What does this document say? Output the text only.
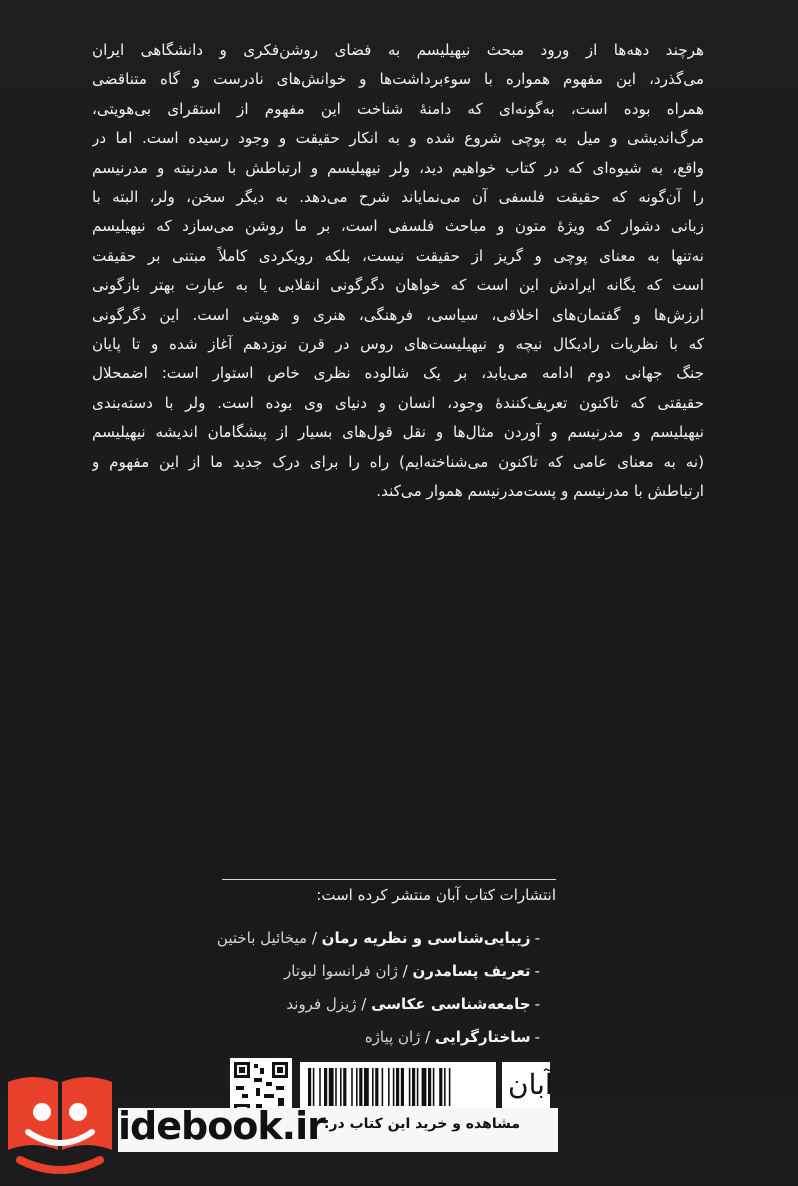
هرچند دهه‌ها از ورود مبحث نیهیلیسم به فضای روشن‌فکری و دانشگاهی ایران
می‌گذرد، این مفهوم همواره با سوءبرداشت‌ها و خوانش‌های نادرست و گاه متناقضی
همراه بوده است، به‌گونه‌ای که دامنهٔ شناخت این مفهوم از استقرای بی‌هویتی،
مرگ‌اندیشی و میل به پوچی شروع شده و به انکار حقیقت و وجود رسیده است. اما در
واقع، به شیوه‌ای که در کتاب خواهیم دید، ولر نیهیلیسم و ارتباطش با مدرنیته و مدرنیسم
را آن‌گونه که حقیقت فلسفی آن می‌نمایاند شرح می‌دهد. به دیگر سخن، ولر، البته با
زبانی دشوار که ویژهٔ متون و مباحث فلسفی است، بر ما روشن می‌سازد که نیهیلیسم
نه‌تنها به معنای پوچی و گریز از حقیقت نیست، بلکه رویکردی کاملاً مبتنی بر حقیقت
است که یگانه ایرادش این است که خواهان دگرگونی انقلابی یا به عبارت بهتر بازگونی
ارزش‌ها و گفتمان‌های اخلاقی، سیاسی، فرهنگی، هنری و هویتی است. این دگرگونی
که با نظریات رادیکال نیچه و نیهیلیست‌های روس در قرن نوزدهم آغاز شده و تا پایان
جنگ جهانی دوم ادامه می‌یابد، بر یک شالوده نظری خاص استوار است: اضمحلال
حقیقتی که تاکنون تعریف‌کنندهٔ وجود، انسان و دنیای وی بوده است. ولر با دسته‌بندی
نیهیلیسم و مدرنیسم و آوردن مثال‌ها و نقل قول‌های بسیار از پیشگامان اندیشه نیهیلیسم
(نه به معنای عامی که تاکنون می‌شناخته‌ایم) راه را برای درک جدید ما از این مفهوم و
ارتباطش با مدرنیسم و پست‌مدرنیسم هموار می‌کند.
انتشارات کتاب آبان منتشر کرده است:
-زیبایی‌شناسی و نظریه رمان / میخائیل باختین
-تعریف پسامدرن / ژان فرانسوا لیوتار
-جامعه‌شناسی عکاسی / ژیزل فروند
-ساختارگرایی / ژان پیاژه
آبان
idebook.ir
مشاهده و خرید این کتاب در:
